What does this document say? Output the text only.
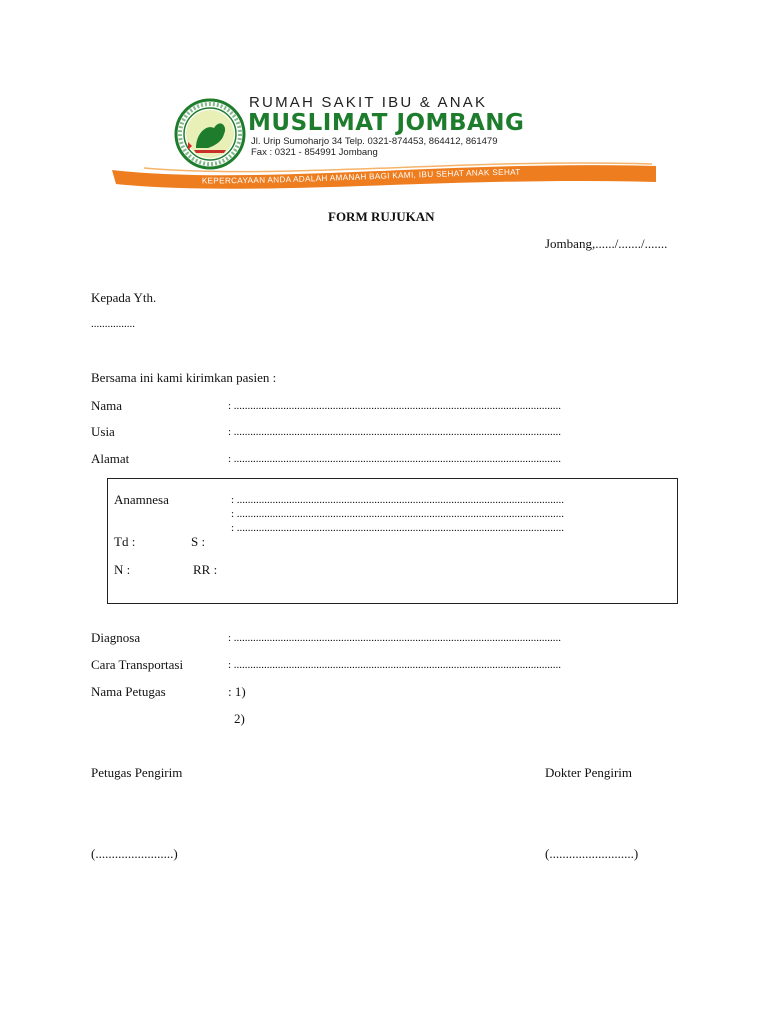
RUMAH SAKIT IBU & ANAK
MUSLIMAT JOMBANG
Jl. Urip Sumoharjo 34 Telp. 0321-874453, 864412, 861479
Fax : 0321 - 854991 Jombang
KEPERCAYAAN ANDA ADALAH AMANAH BAGI KAMI, IBU SEHAT ANAK SEHAT
FORM RUJUKAN
Jombang,....../......./.......
Kepada Yth.
................
Bersama ini kami kirimkan pasien :
Nama	: .......................................................................................................................
Usia	: .......................................................................................................................
Alamat	: .......................................................................................................................
Anamnesa	: .......................................................................................................................
: .......................................................................................................................
: .......................................................................................................................
Td :	S :
N :	RR :
Diagnosa	: .......................................................................................................................
Cara Transportasi	: .......................................................................................................................
Nama Petugas	: 1)
2)
Petugas Pengirim	Dokter Pengirim
(........................)	(..........................)
